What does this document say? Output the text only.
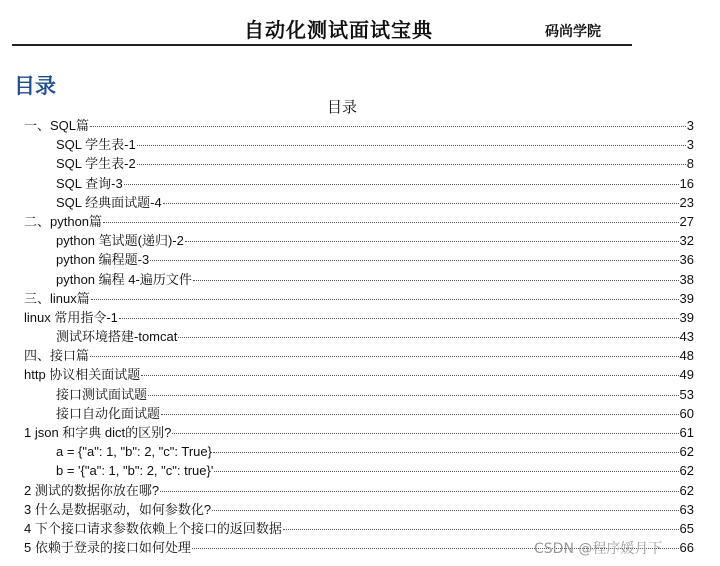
自动化测试面试宝典	码尚学院
目录
目录
一、SQL篇	3
SQL 学生表-1	3
SQL 学生表-2	8
SQL 查询-3	16
SQL 经典面试题-4	23
二、python篇	27
python 笔试题(递归)-2	32
python 编程题-3	36
python 编程 4-遍历文件	38
三、linux篇	39
linux 常用指令-1	39
测试环境搭建-tomcat	43
四、接口篇	48
http 协议相关面试题	49
接口测试面试题	53
接口自动化面试题	60
1 json 和字典 dict的区别?	61
a = {"a": 1, "b": 2, "c": True}	62
b = '{"a": 1, "b": 2, "c": true}'	62
2 测试的数据你放在哪?	62
3 什么是数据驱动，如何参数化?	63
4 下个接口请求参数依赖上个接口的返回数据	65
5 依赖于登录的接口如何处理	66
CSDN @程序媛月下
